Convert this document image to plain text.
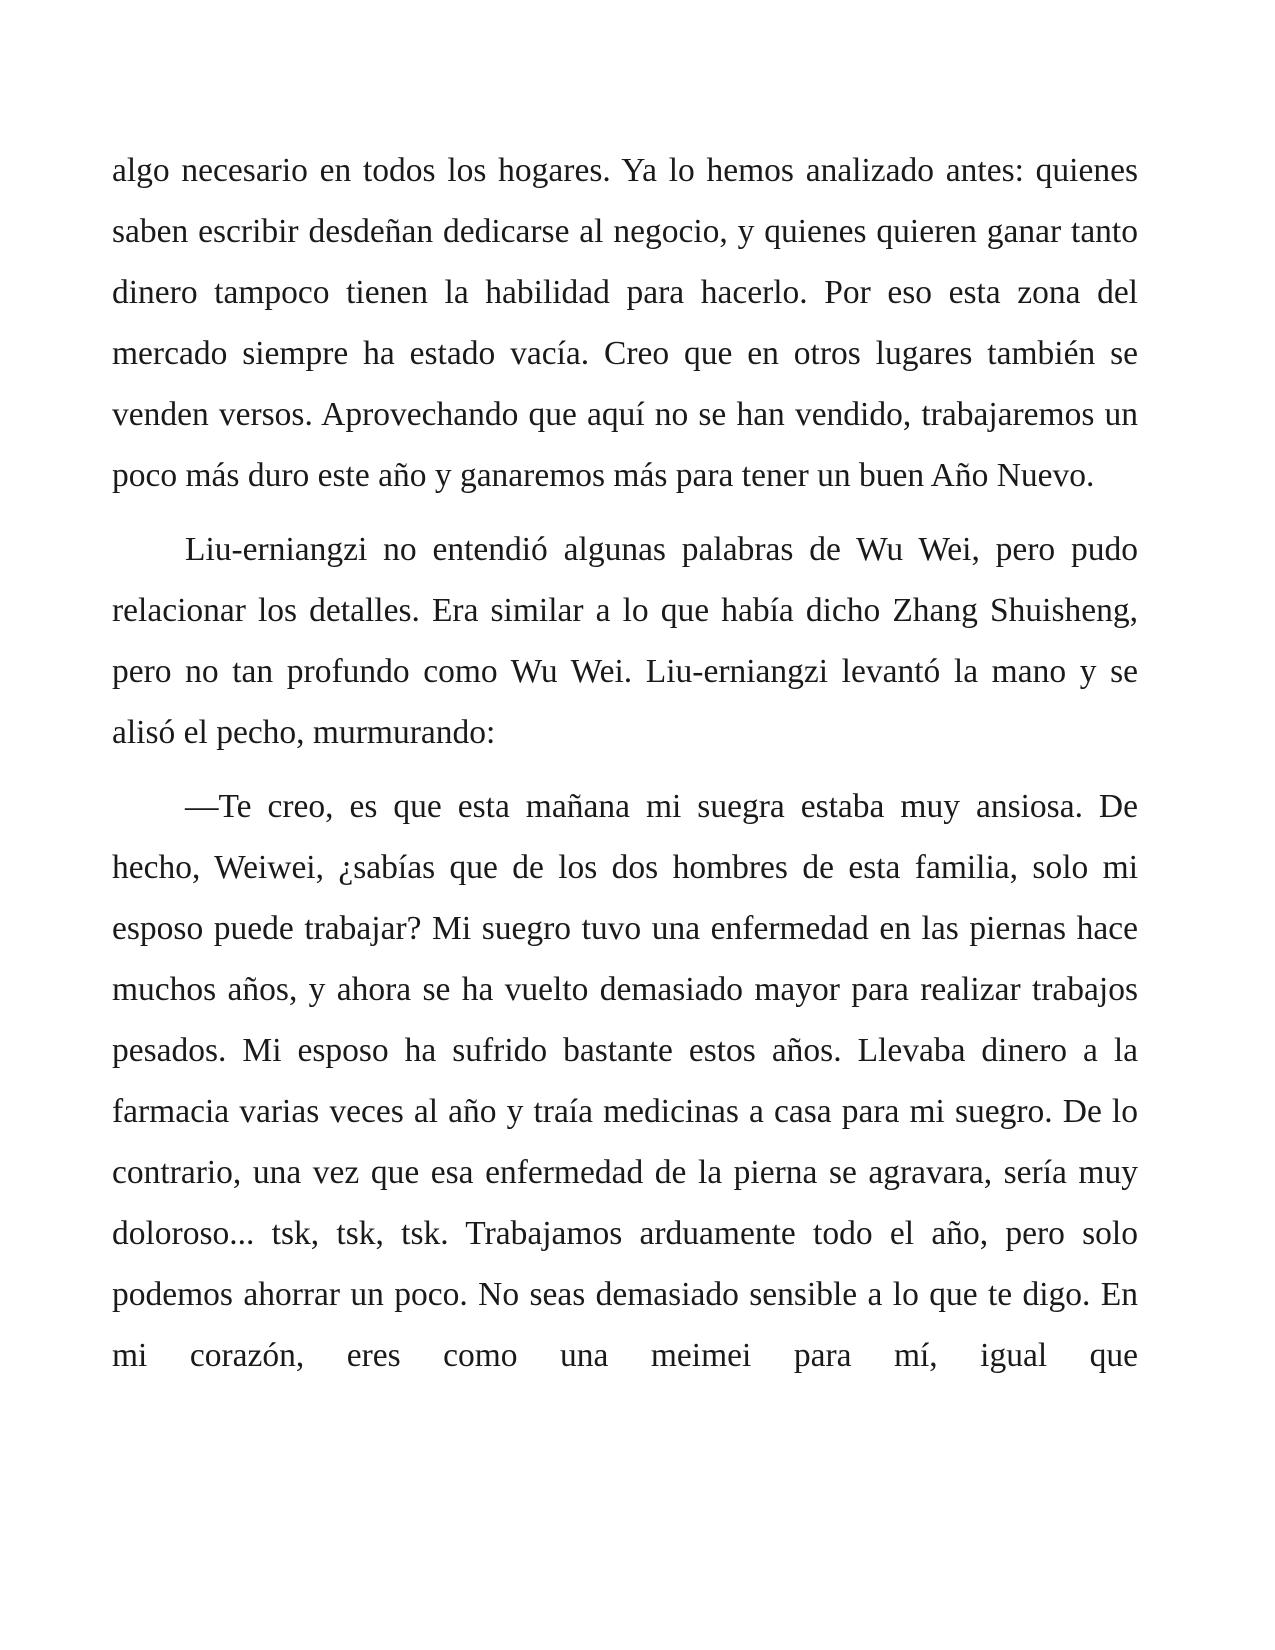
algo necesario en todos los hogares. Ya lo hemos analizado antes: quienes saben escribir desdeñan dedicarse al negocio, y quienes quieren ganar tanto dinero tampoco tienen la habilidad para hacerlo. Por eso esta zona del mercado siempre ha estado vacía. Creo que en otros lugares también se venden versos. Aprovechando que aquí no se han vendido, trabajaremos un poco más duro este año y ganaremos más para tener un buen Año Nuevo.

Liu-erniangzi no entendió algunas palabras de Wu Wei, pero pudo relacionar los detalles. Era similar a lo que había dicho Zhang Shuisheng, pero no tan profundo como Wu Wei. Liu-erniangzi levantó la mano y se alisó el pecho, murmurando:

—Te creo, es que esta mañana mi suegra estaba muy ansiosa. De hecho, Weiwei, ¿sabías que de los dos hombres de esta familia, solo mi esposo puede trabajar? Mi suegro tuvo una enfermedad en las piernas hace muchos años, y ahora se ha vuelto demasiado mayor para realizar trabajos pesados. Mi esposo ha sufrido bastante estos años. Llevaba dinero a la farmacia varias veces al año y traía medicinas a casa para mi suegro. De lo contrario, una vez que esa enfermedad de la pierna se agravara, sería muy doloroso... tsk, tsk, tsk. Trabajamos arduamente todo el año, pero solo podemos ahorrar un poco. No seas demasiado sensible a lo que te digo. En mi corazón, eres como una meimei para mí, igual que
